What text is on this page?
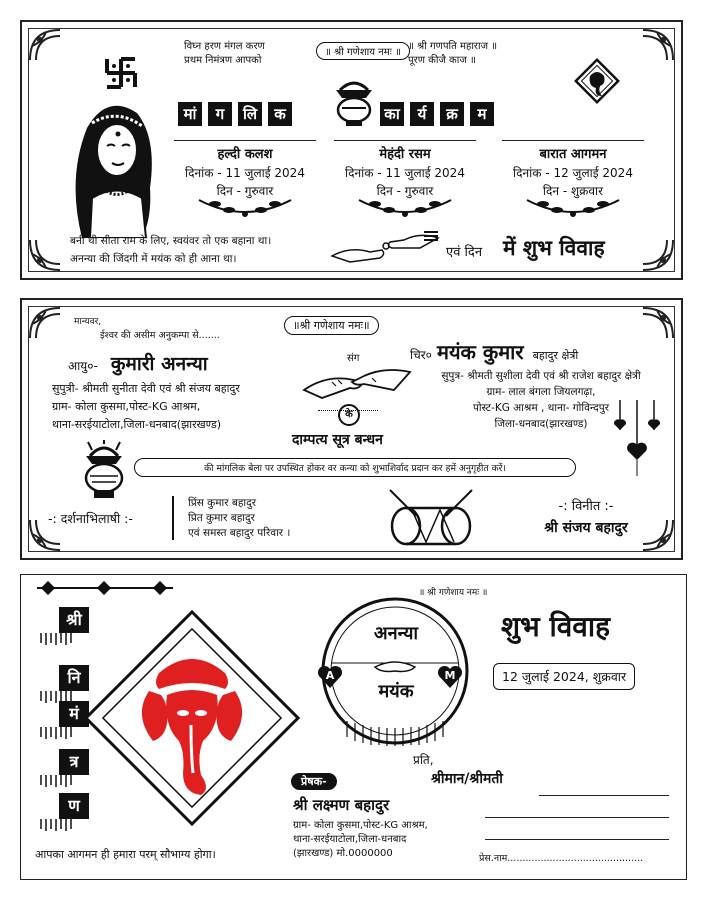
विघ्न हरण मंगल करण
प्रथम निमंत्रण आपको
॥ श्री गणेशाय नमः ॥
॥ श्री गणपति महाराज ॥
पूरण कीजै काज ॥
मां	ग	लि	क	का	र्य	क्र	म
हल्दी कलश
दिनांक - 11 जुलाई 2024
दिन - गुरुवार
मेहंदी रसम
दिनांक - 11 जुलाई 2024
दिन - गुरुवार
बारात आगमन
दिनांक - 12 जुलाई 2024
दिन - शुक्रवार
बनी थी सीता राम के लिए, स्वयंवर तो एक बहाना था।
अनन्या की जिंदगी में मयंक को ही आना था।	एवं दिन में शुभ विवाह
मान्यवर,
ईश्वर की असीम अनुकम्पा से.......
॥श्री गणेशाय नमः॥
आयु०- कुमारी अनन्या
सुपुत्री- श्रीमती सुनीता देवी एवं श्री संजय बहादुर
ग्राम- कोला कुसमा,पोस्ट-KG आश्रम,
थाना-सरईयाटोला,जिला-धनबाद(झारखण्ड)
संग
के
चिर० मयंक कुमार बहादुर क्षेत्री
सुपुत्र- श्रीमती सुशीला देवी एवं श्री राजेश बहादुर क्षेत्री
ग्राम- लाल बंगला जियलगढ़ा,
पोस्ट-KG आश्रम , थाना- गोविन्दपुर
जिला-धनबाद(झारखण्ड)
दाम्पत्य सूत्र बन्धन
की मांगलिक बेला पर उपस्थित होकर वर कन्या को शुभाशिर्वाद प्रदान कर हमें अनुगृहीत करें।
-: दर्शनाभिलाषी :-
प्रिंस कुमार बहादुर
प्रित कुमार बहादुर
एवं समस्त बहादुर परिवार ।
-: विनीत :-
श्री संजय बहादुर
श्री
नि
मं
त्र
ण
आपका आगमन ही हमारा परम् सौभाग्य होगा।
॥ श्री गणेशाय नमः ॥
अनन्या
मयंक
A	M
शुभ विवाह
12 जुलाई 2024, शुक्रवार
प्रति,
श्रीमान/श्रीमती
प्रेषक-
श्री लक्ष्मण बहादुर
ग्राम- कोला कुसमा,पोस्ट-KG आश्रम,
थाना-सरईयाटोला,जिला-धनबाद
(झारखण्ड) मो.0000000	प्रेस.नाम.............................................
